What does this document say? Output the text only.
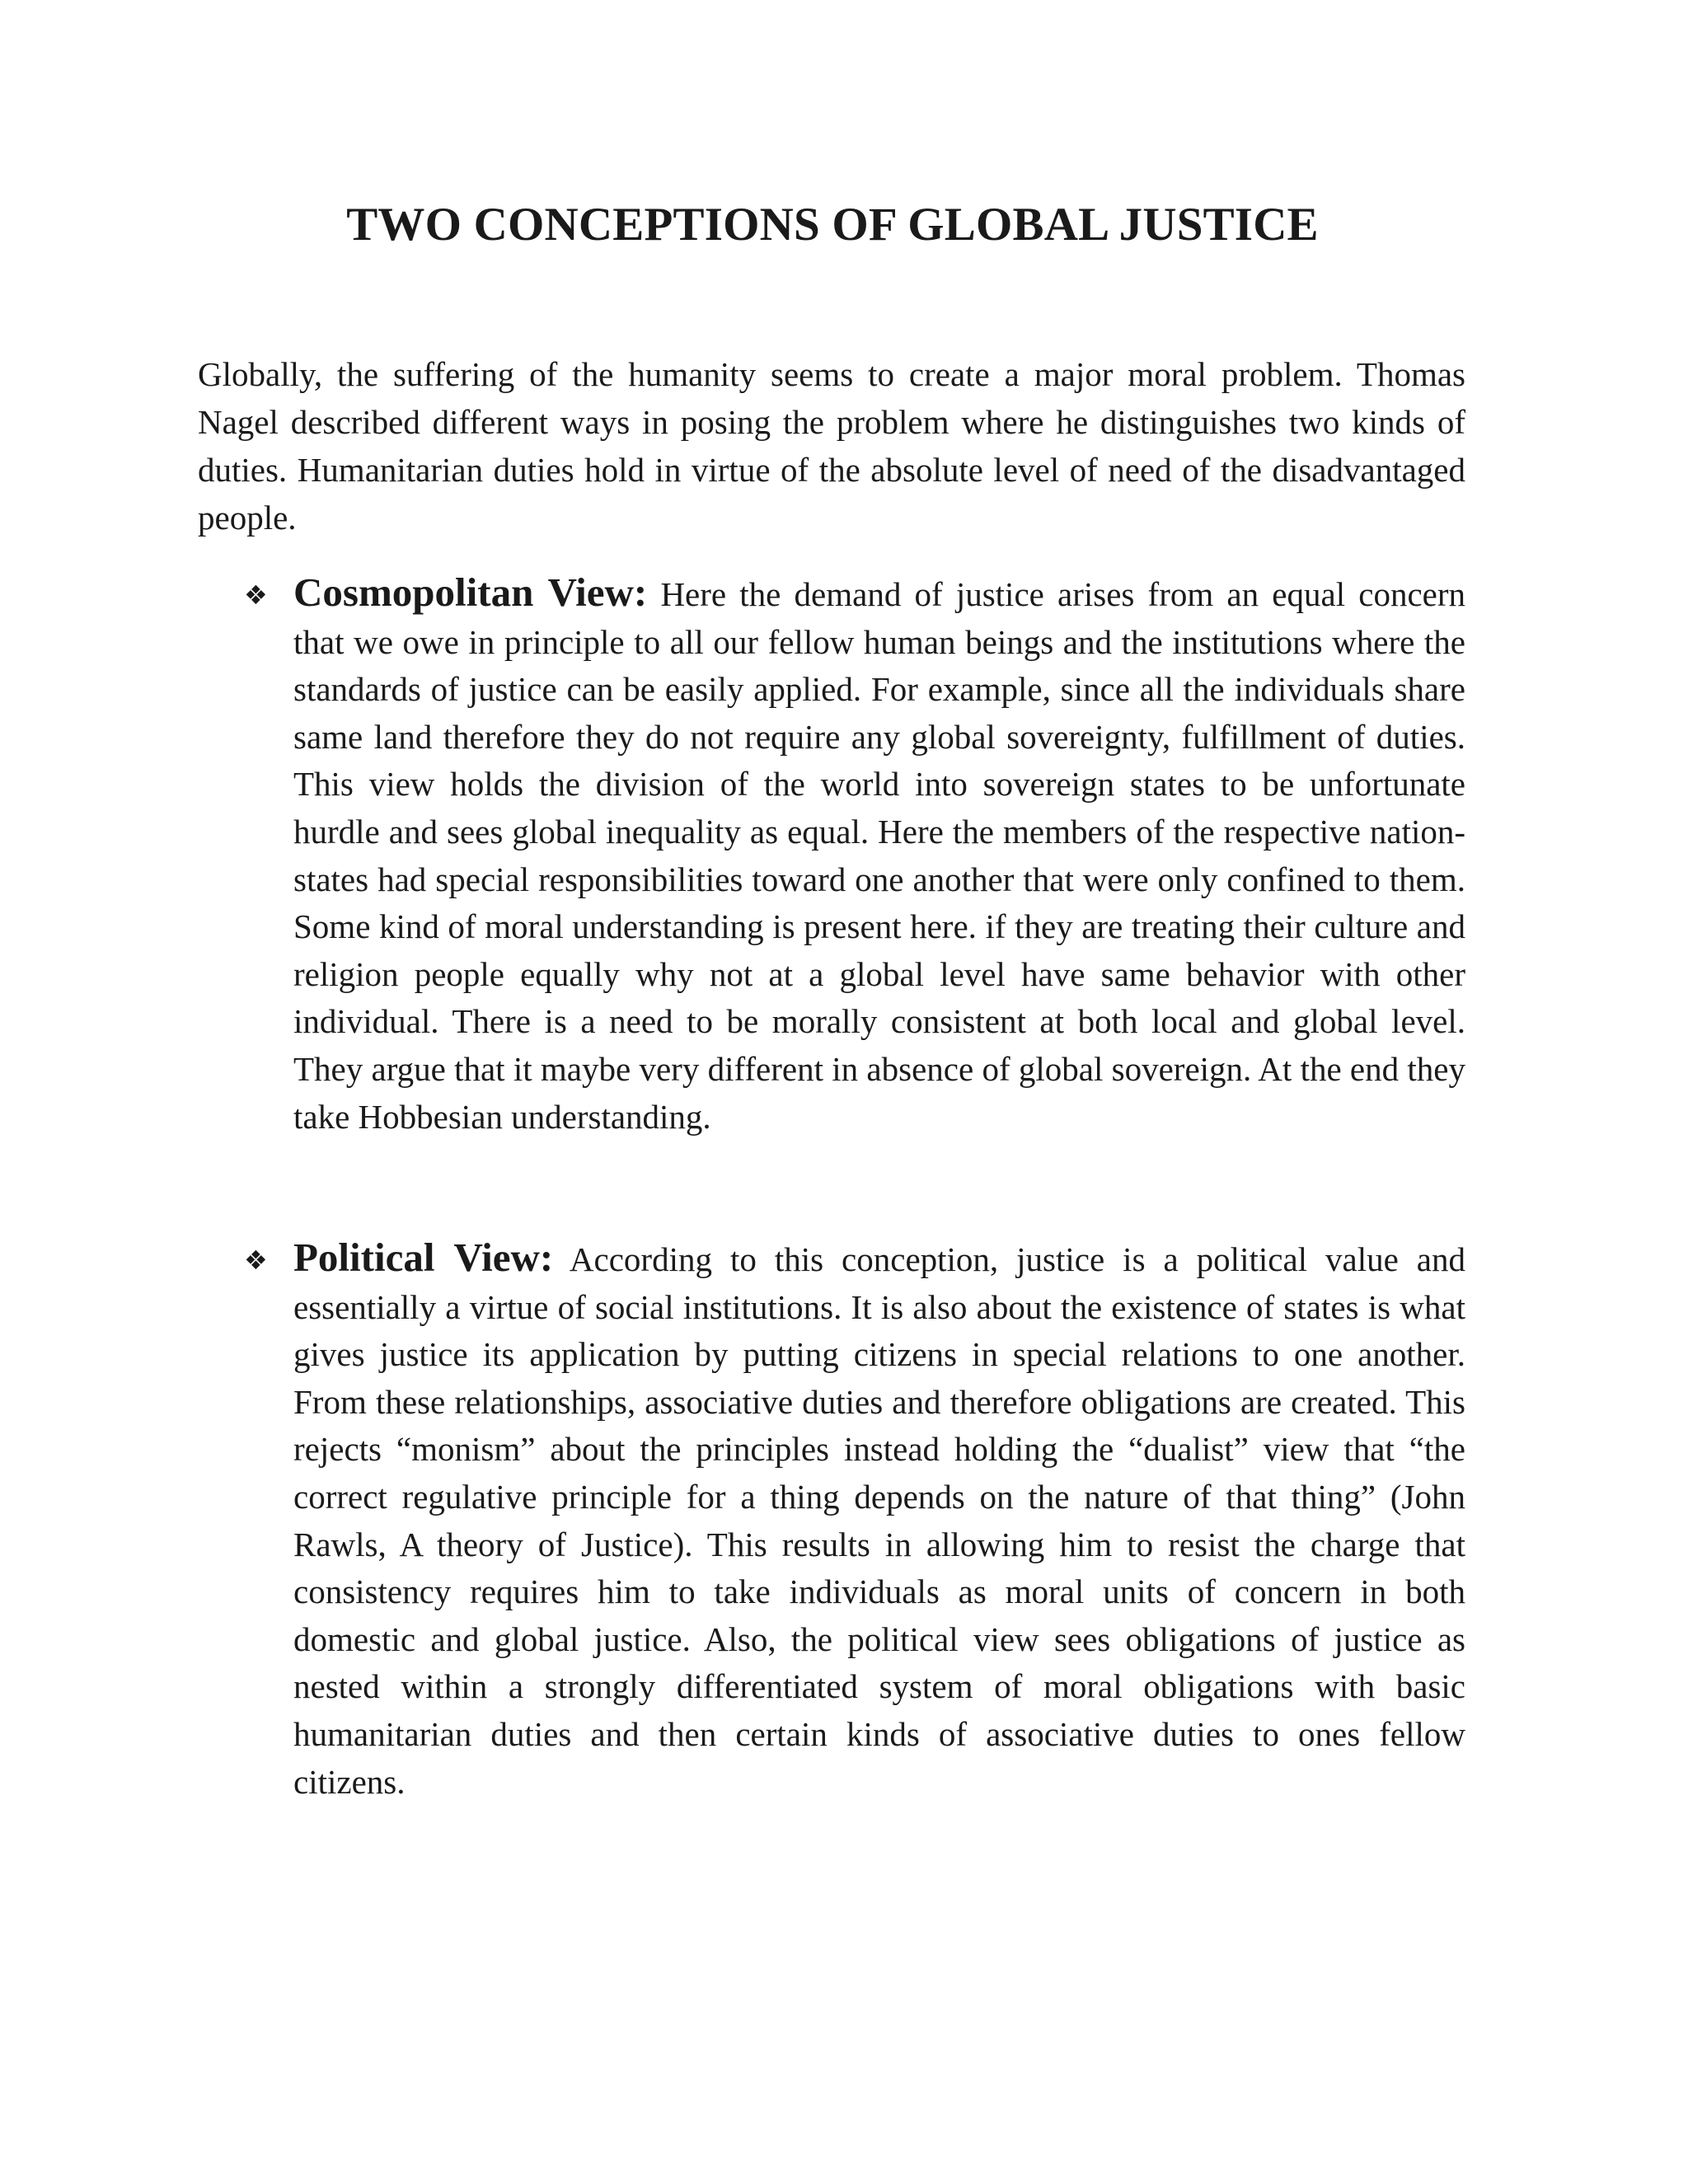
TWO CONCEPTIONS OF GLOBAL JUSTICE

Globally, the suffering of the humanity seems to create a major moral problem. Thomas Nagel described different ways in posing the problem where he distinguishes two kinds of duties. Humanitarian duties hold in virtue of the absolute level of need of the disadvantaged people.

❖ Cosmopolitan View: Here the demand of justice arises from an equal concern that we owe in principle to all our fellow human beings and the institutions where the standards of justice can be easily applied. For example, since all the individuals share same land therefore they do not require any global sovereignty, fulfillment of duties. This view holds the division of the world into sovereign states to be unfortunate hurdle and sees global inequality as equal. Here the members of the respective nation-states had special responsibilities toward one another that were only confined to them. Some kind of moral understanding is present here. if they are treating their culture and religion people equally why not at a global level have same behavior with other individual. There is a need to be morally consistent at both local and global level. They argue that it maybe very different in absence of global sovereign. At the end they take Hobbesian understanding.

❖ Political View: According to this conception, justice is a political value and essentially a virtue of social institutions. It is also about the existence of states is what gives justice its application by putting citizens in special relations to one another. From these relationships, associative duties and therefore obligations are created. This rejects “monism” about the principles instead holding the “dualist” view that “the correct regulative principle for a thing depends on the nature of that thing” (John Rawls, A theory of Justice). This results in allowing him to resist the charge that consistency requires him to take individuals as moral units of concern in both domestic and global justice. Also, the political view sees obligations of justice as nested within a strongly differentiated system of moral obligations with basic humanitarian duties and then certain kinds of associative duties to ones fellow citizens.
